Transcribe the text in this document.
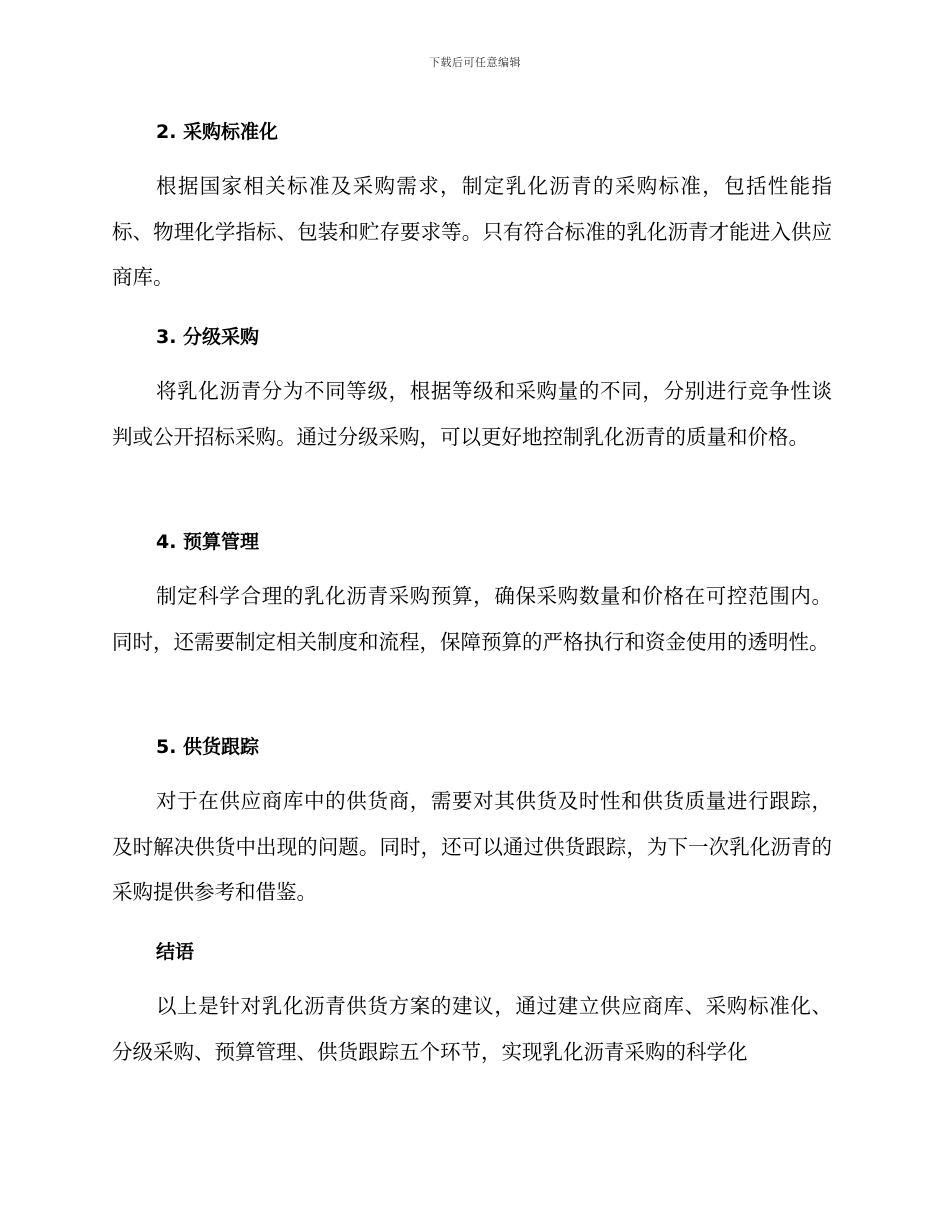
下载后可任意编辑
2. 采购标准化

根据国家相关标准及采购需求，制定乳化沥青的采购标准，包括性能指标、物理化学指标、包装和贮存要求等。只有符合标准的乳化沥青才能进入供应商库。

3. 分级采购

将乳化沥青分为不同等级，根据等级和采购量的不同，分别进行竞争性谈判或公开招标采购。通过分级采购，可以更好地控制乳化沥青的质量和价格。

4. 预算管理

制定科学合理的乳化沥青采购预算，确保采购数量和价格在可控范围内。同时，还需要制定相关制度和流程，保障预算的严格执行和资金使用的透明性。

5. 供货跟踪

对于在供应商库中的供货商，需要对其供货及时性和供货质量进行跟踪，及时解决供货中出现的问题。同时，还可以通过供货跟踪，为下一次乳化沥青的采购提供参考和借鉴。

结语

以上是针对乳化沥青供货方案的建议，通过建立供应商库、采购标准化、分级采购、预算管理、供货跟踪五个环节，实现乳化沥青采购的科学化
